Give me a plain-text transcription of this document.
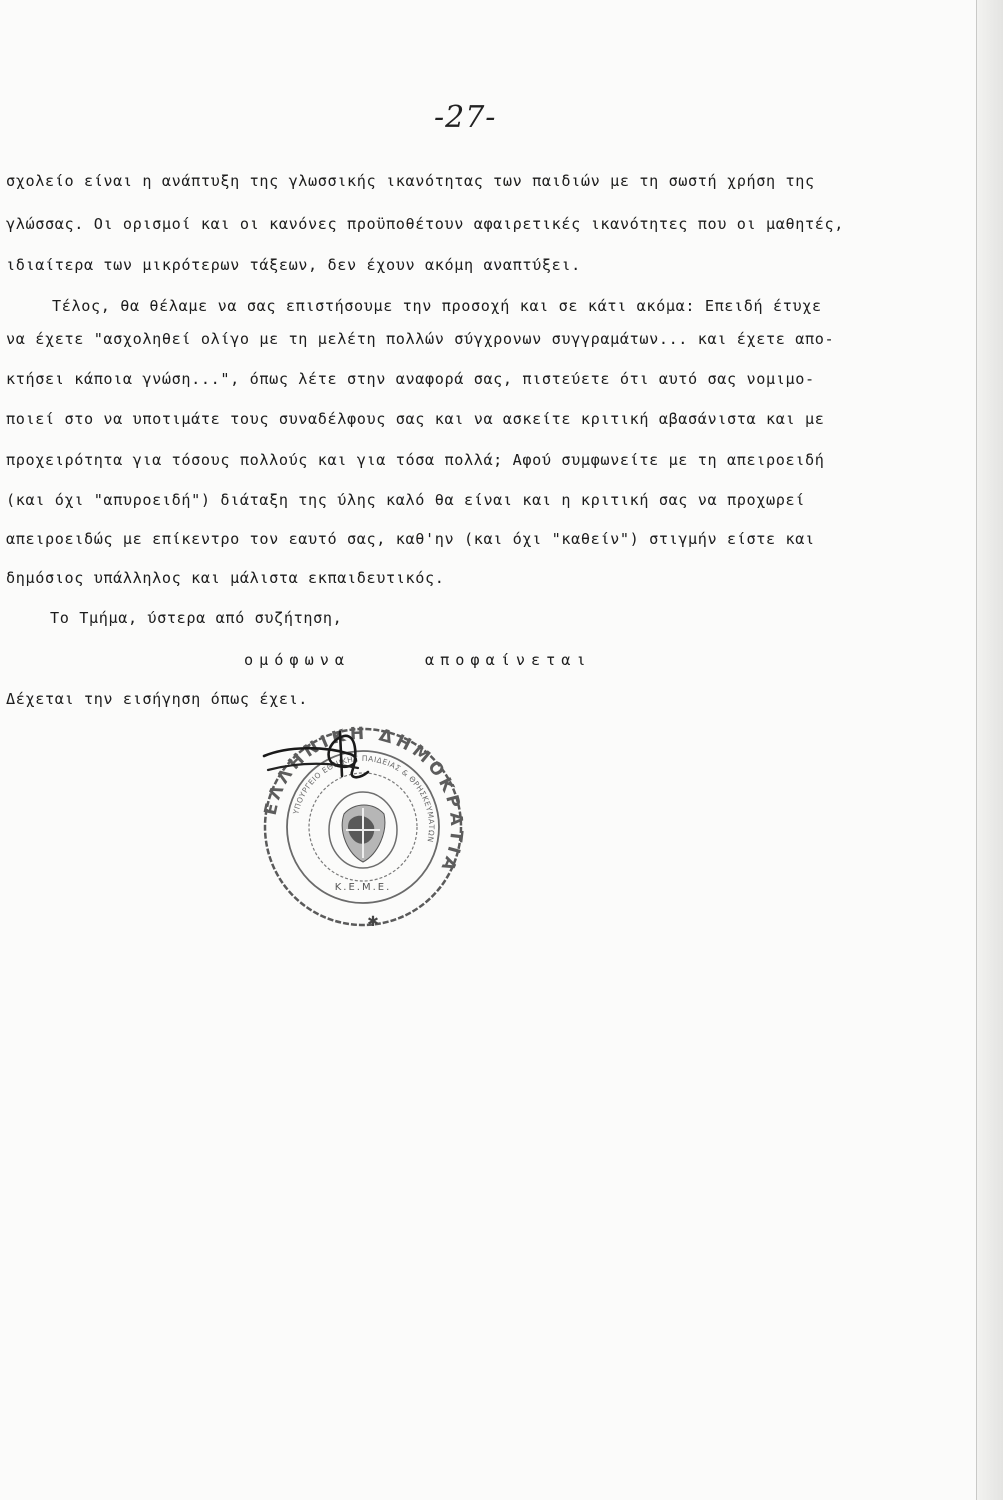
-27-
σχολείο είναι η ανάπτυξη της γλωσσικής ικανότητας των παιδιών με τη σωστή χρήση της
γλώσσας. Οι ορισμοί και οι κανόνες προϋποθέτουν αφαιρετικές ικανότητες που οι μαθητές,
ιδιαίτερα των μικρότερων τάξεων, δεν έχουν ακόμη αναπτύξει.
Τέλος, θα θέλαμε να σας επιστήσουμε την προσοχή και σε κάτι ακόμα: Επειδή έτυχε
να έχετε "ασχοληθεί ολίγο με τη μελέτη πολλών σύγχρονων συγγραμάτων... και έχετε απο-
κτήσει κάποια γνώση...", όπως λέτε στην αναφορά σας, πιστεύετε ότι αυτό σας νομιμο-
ποιεί στο να υποτιμάτε τους συναδέλφους σας και να ασκείτε κριτική αβασάνιστα και με
προχειρότητα για τόσους πολλούς και για τόσα πολλά; Αφού συμφωνείτε με τη απειροειδή
(και όχι "απυροειδή") διάταξη της ύλης καλό θα είναι και η κριτική σας να προχωρεί
απειροειδώς με επίκεντρο τον εαυτό σας, καθ'ην (και όχι "καθείν") στιγμήν είστε και
δημόσιος υπάλληλος και μάλιστα εκπαιδευτικός.
Το Τμήμα, ύστερα από συζήτηση,
ομόφωνα	αποφαίνεται
Δέχεται την εισήγηση όπως έχει.
ΕΛΛΗΝΙΚΗ ΔΗΜΟΚΡΑΤΙΑ
ΥΠΟΥΡΓΕΙΟ ΕΘΝΙΚΗΣ ΠΑΙΔΕΙΑΣ & ΘΡΗΣΚΕΥΜΑΤΩΝ
Κ.Ε.Μ.Ε.
✱
